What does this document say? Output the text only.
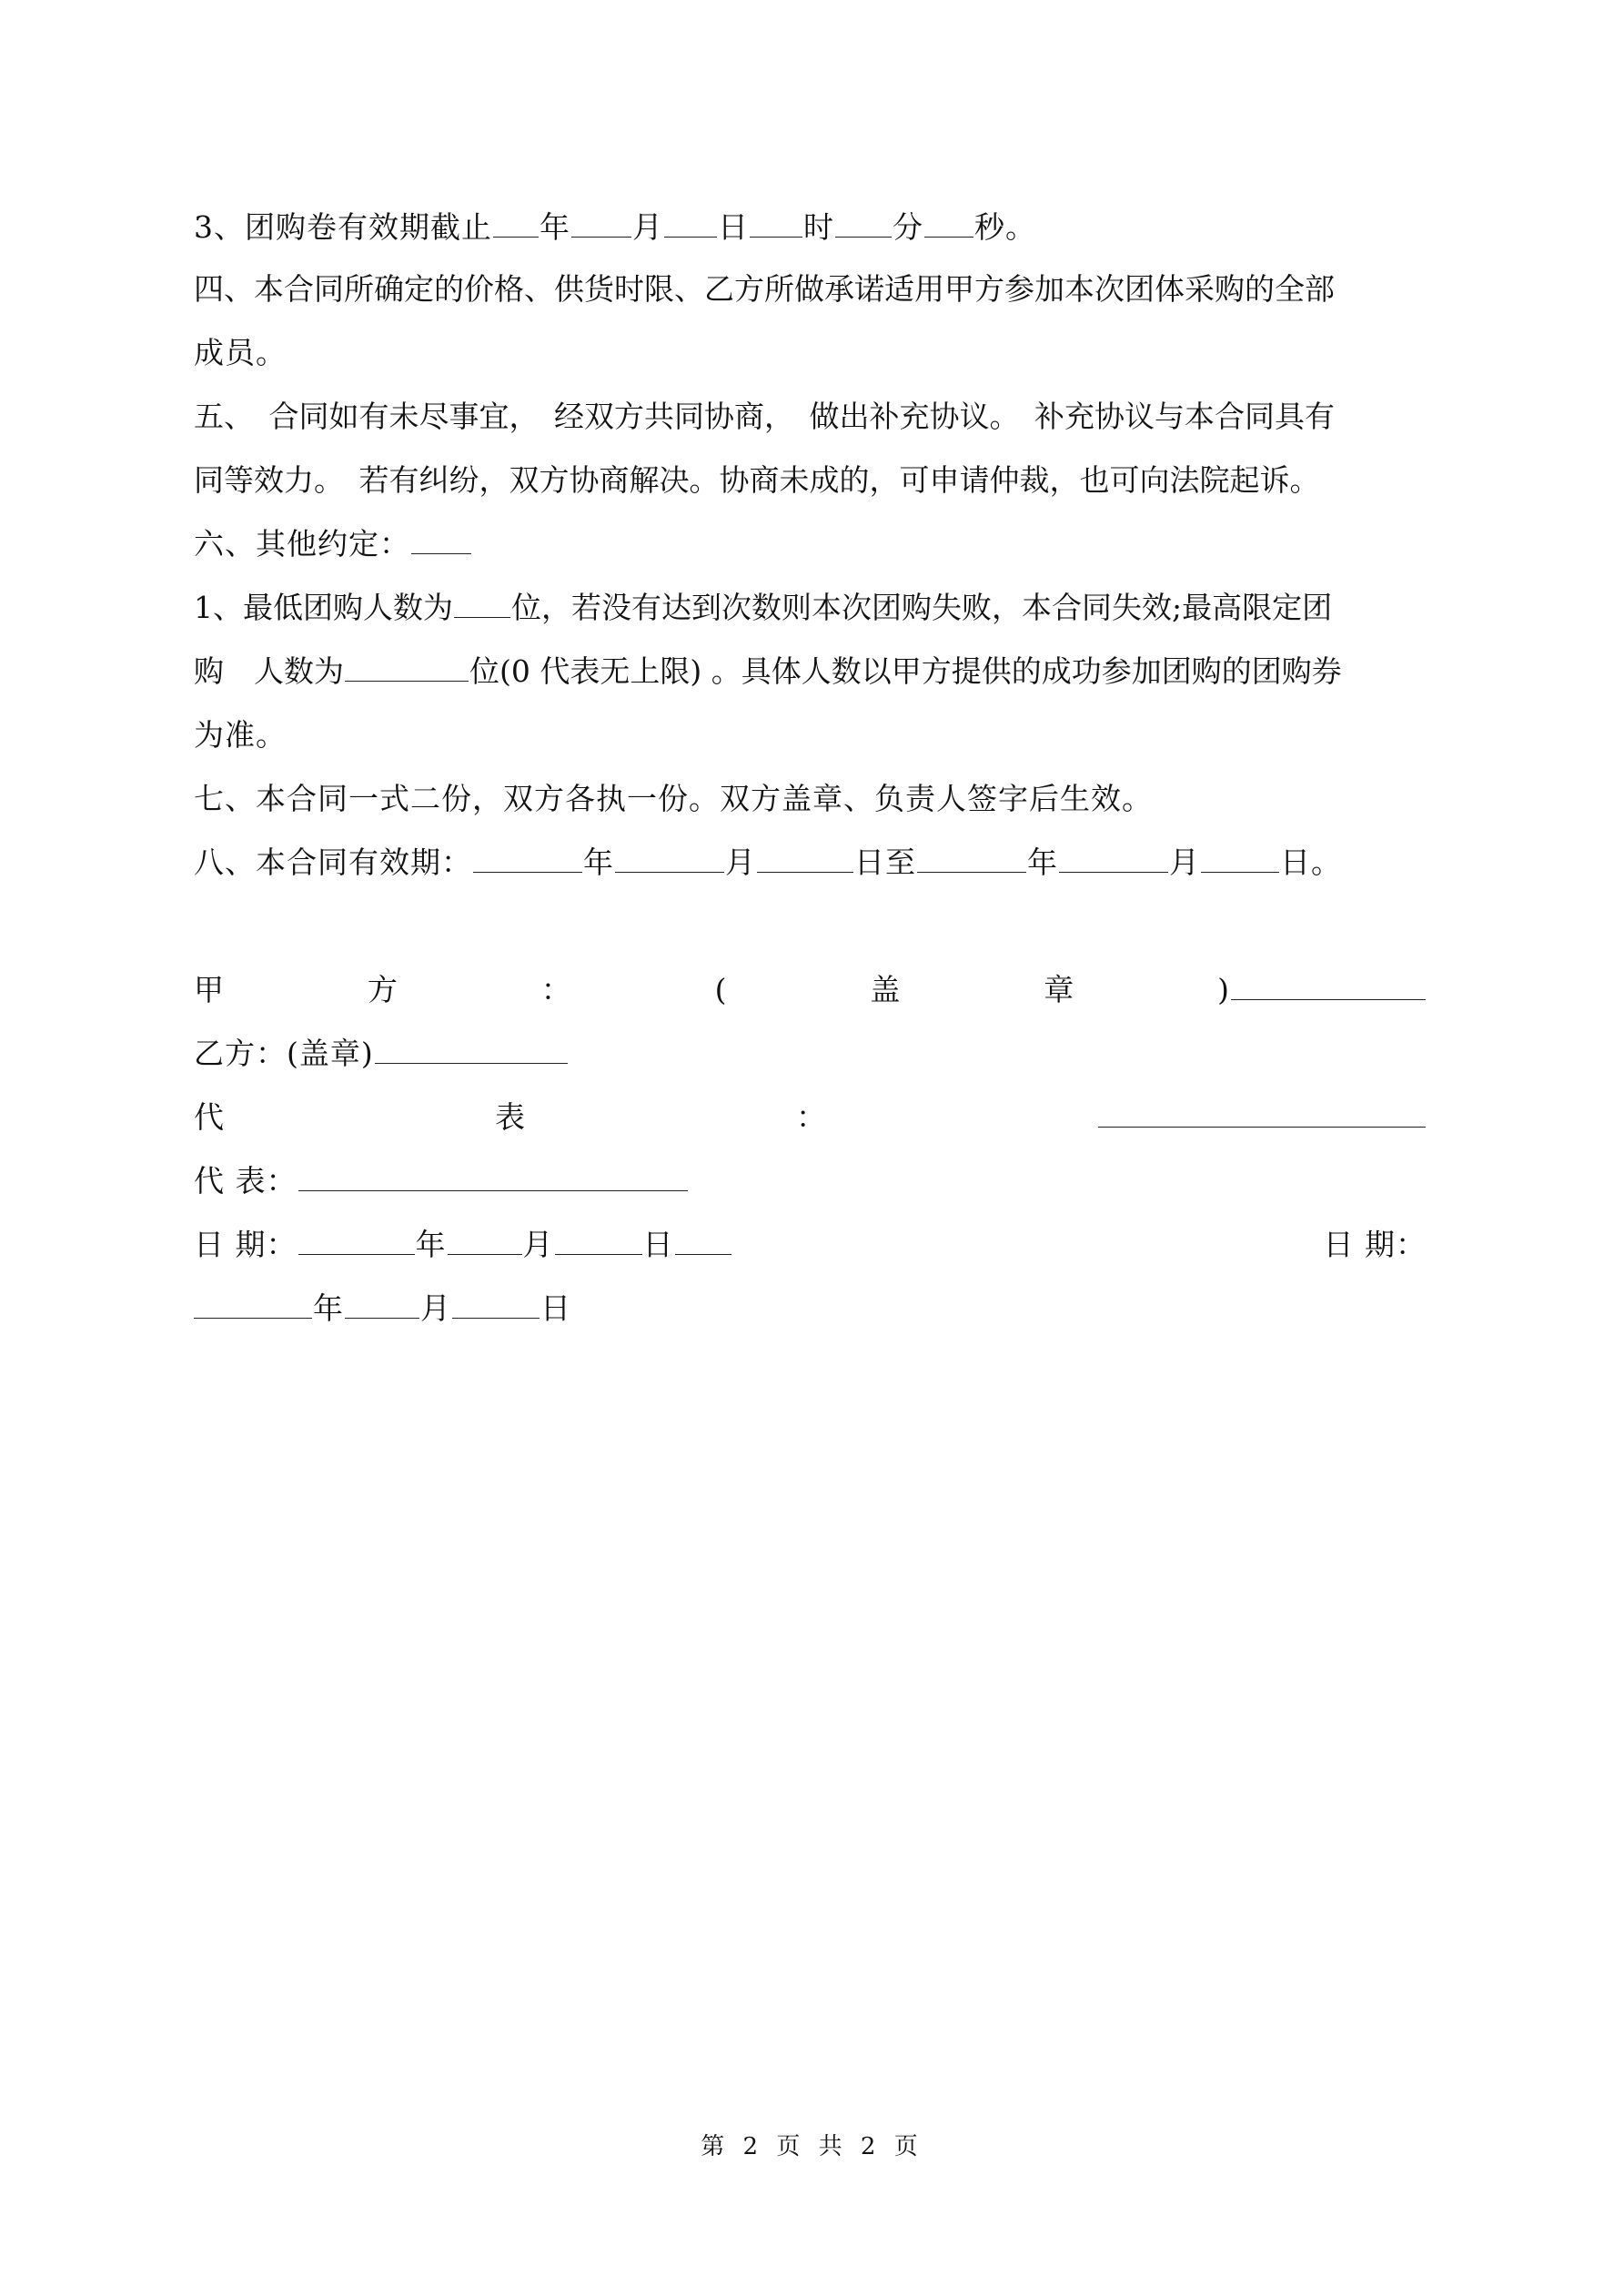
3、团购卷有效期截止 年 月 日 时 分 秒。
四、本合同所确定的价格、供货时限、乙方所做承诺适用甲方参加本次团体采购的全部
成员。
五、　合同如有未尽事宜，　经双方共同协商，　做出补充协议。　补充协议与本合同具有
同等效力。　若有纠纷，双方协商解决。协商未成的，可申请仲裁，也可向法院起诉。
六、其他约定：
1、最低团购人数为 位，若没有达到次数则本次团购失败，本合同失效;最高限定团
购　人数为	位(0 代表无上限) 。具体人数以甲方提供的成功参加团购的团购券
为准。
七、本合同一式二份，双方各执一份。双方盖章、负责人签字后生效。
八、本合同有效期：	年	月	日至	年	月	日。
甲	方	：	(	盖	章	)
乙方：(盖章)
代	表	：
代 表：
日 期：	年	月	日	日 期：
年	月	日
第 2 页 共 2 页
